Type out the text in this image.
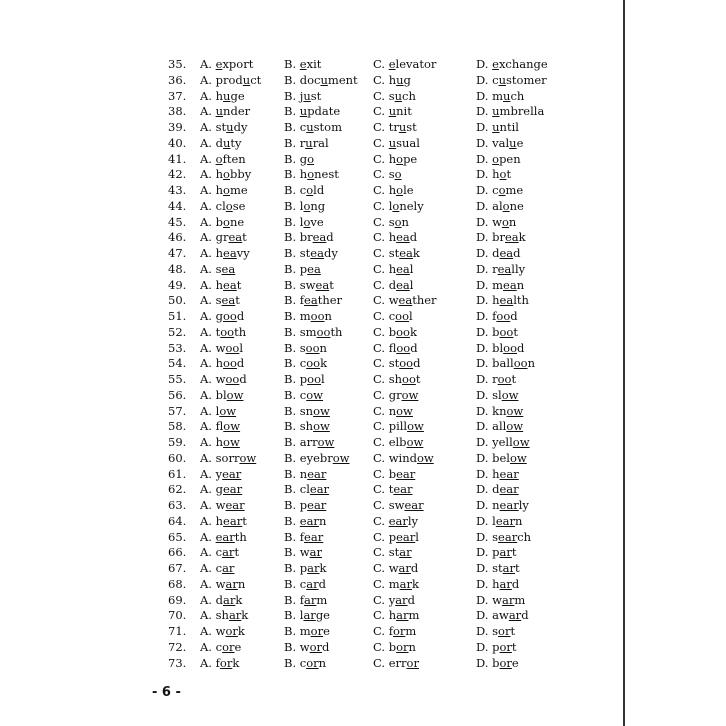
35.	A. export	B. exit	C. elevator	D. exchange
36.	A. product	B. document	C. hug	D. customer
37.	A. huge	B. just	C. such	D. much
38.	A. under	B. update	C. unit	D. umbrella
39.	A. study	B. custom	C. trust	D. until
40.	A. duty	B. rural	C. usual	D. value
41.	A. often	B. go	C. hope	D. open
42.	A. hobby	B. honest	C. so	D. hot
43.	A. home	B. cold	C. hole	D. come
44.	A. close	B. long	C. lonely	D. alone
45.	A. bone	B. love	C. son	D. won
46.	A. great	B. bread	C. head	D. break
47.	A. heavy	B. steady	C. steak	D. dead
48.	A. sea	B. pea	C. heal	D. really
49.	A. heat	B. sweat	C. deal	D. mean
50.	A. seat	B. feather	C. weather	D. health
51.	A. good	B. moon	C. cool	D. food
52.	A. tooth	B. smooth	C. book	D. boot
53.	A. wool	B. soon	C. flood	D. blood
54.	A. hood	B. cook	C. stood	D. balloon
55.	A. wood	B. pool	C. shoot	D. root
56.	A. blow	B. cow	C. grow	D. slow
57.	A. low	B. snow	C. now	D. know
58.	A. flow	B. show	C. pillow	D. allow
59.	A. how	B. arrow	C. elbow	D. yellow
60.	A. sorrow	B. eyebrow	C. window	D. below
61.	A. year	B. near	C. bear	D. hear
62.	A. gear	B. clear	C. tear	D. dear
63.	A. wear	B. pear	C. swear	D. nearly
64.	A. heart	B. earn	C. early	D. learn
65.	A. earth	B. fear	C. pearl	D. search
66.	A. cart	B. war	C. star	D. part
67.	A. car	B. park	C. ward	D. start
68.	A. warn	B. card	C. mark	D. hard
69.	A. dark	B. farm	C. yard	D. warm
70.	A. shark	B. large	C. harm	D. award
71.	A. work	B. more	C. form	D. sort
72.	A. core	B. word	C. born	D. port
73.	A. fork	B. corn	C. error	D. bore
- 6 -
